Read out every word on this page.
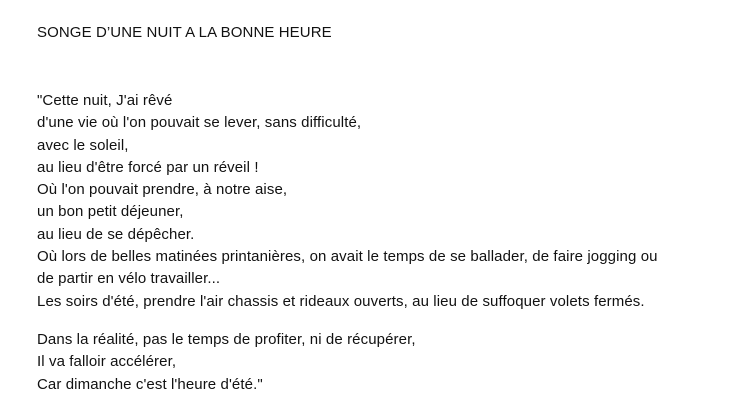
SONGE D’UNE NUIT A LA BONNE HEURE

"Cette nuit, J'ai rêvé
d'une vie où l'on pouvait se lever, sans difficulté,
avec le soleil,
au lieu d'être forcé par un réveil !
Où l'on pouvait prendre, à notre aise,
un bon petit déjeuner,
au lieu de se dépêcher.
Où lors de belles matinées printanières, on avait le temps de se ballader, de faire jogging ou
de partir en vélo travailler...
Les soirs d'été, prendre l'air chassis et rideaux ouverts, au lieu de suffoquer volets fermés.

Dans la réalité, pas le temps de profiter, ni de récupérer,
Il va falloir accélérer,
Car dimanche c'est l'heure d'été."
